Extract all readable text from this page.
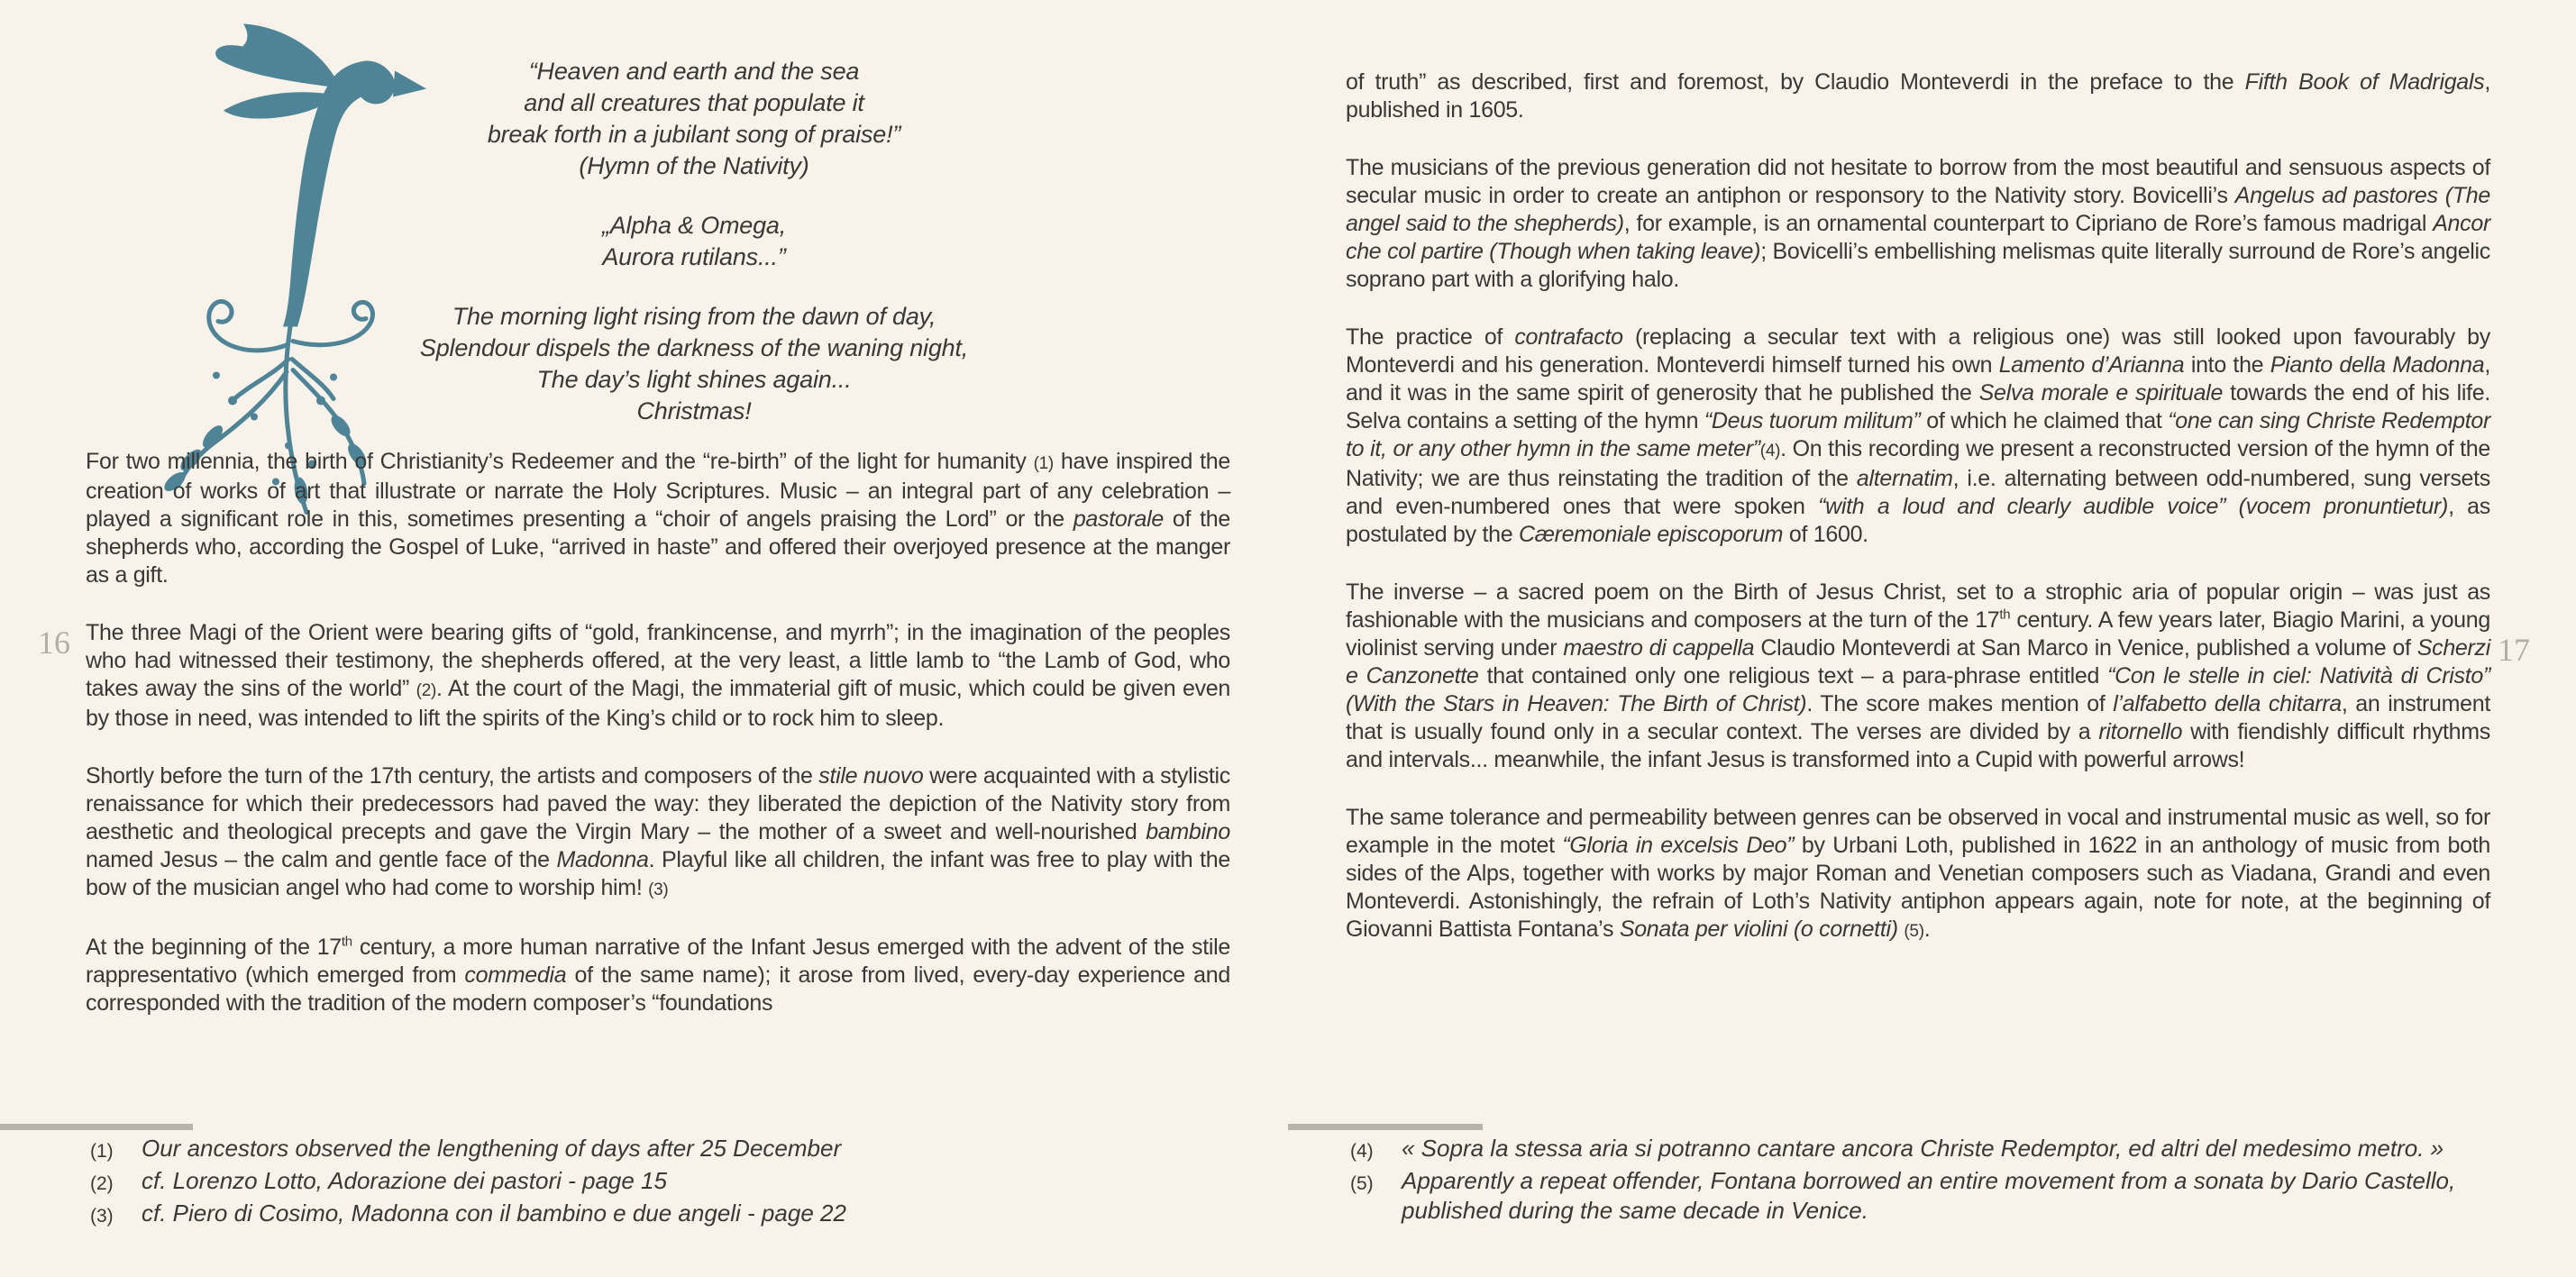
“Heaven and earth and the sea
and all creatures that populate it
break forth in a jubilant song of praise!”
(Hymn of the Nativity)
„Alpha & Omega,
Aurora rutilans...”
The morning light rising from the dawn of day,
Splendour dispels the darkness of the waning night,
The day’s light shines again...
Christmas!

For two millennia, the birth of Christianity’s Redeemer and the “re-birth” of the light for humanity (1) have inspired the creation of works of art that illustrate or narrate the Holy Scriptures. Music – an integral part of any celebration – played a significant role in this, sometimes presenting a “choir of angels praising the Lord” or the pastorale of the shepherds who, according the Gospel of Luke, “arrived in haste” and offered their overjoyed presence at the manger as a gift.

The three Magi of the Orient were bearing gifts of “gold, frankincense, and myrrh”; in the imagination of the peoples who had witnessed their testimony, the shepherds offered, at the very least, a little lamb to “the Lamb of God, who takes away the sins of the world” (2). At the court of the Magi, the immaterial gift of music, which could be given even by those in need, was intended to lift the spirits of the King’s child or to rock him to sleep.

Shortly before the turn of the 17th century, the artists and composers of the stile nuovo were acquainted with a stylistic renaissance for which their predecessors had paved the way: they liberated the depiction of the Nativity story from aesthetic and theological precepts and gave the Virgin Mary – the mother of a sweet and well-nourished bambino named Jesus – the calm and gentle face of the Madonna. Playful like all children, the infant was free to play with the bow of the musician angel who had come to worship him! (3)

At the beginning of the 17th century, a more human narrative of the Infant Jesus emerged with the advent of the stile rappresentativo (which emerged from commedia of the same name); it arose from lived, every-day experience and corresponded with the tradition of the modern composer’s “foundations

of truth” as described, first and foremost, by Claudio Monteverdi in the preface to the Fifth Book of Madrigals, published in 1605.

The musicians of the previous generation did not hesitate to borrow from the most beautiful and sensuous aspects of secular music in order to create an antiphon or responsory to the Nativity story. Bovicelli’s Angelus ad pastores (The angel said to the shepherds), for example, is an ornamental counterpart to Cipriano de Rore’s famous madrigal Ancor che col partire (Though when taking leave); Bovicelli’s embellishing melismas quite literally surround de Rore’s angelic soprano part with a glorifying halo.

The practice of contrafacto (replacing a secular text with a religious one) was still looked upon favourably by Monteverdi and his generation. Monteverdi himself turned his own Lamento d’Arianna into the Pianto della Madonna, and it was in the same spirit of generosity that he published the Selva morale e spirituale towards the end of his life. Selva contains a setting of the hymn “Deus tuorum militum” of which he claimed that “one can sing Christe Redemptor to it, or any other hymn in the same meter”(4). On this recording we present a reconstructed version of the hymn of the Nativity; we are thus reinstating the tradition of the alternatim, i.e. alternating between odd-numbered, sung versets and even-numbered ones that were spoken “with a loud and clearly audible voice” (vocem pronuntietur), as postulated by the Cæremoniale episcoporum of 1600.

The inverse – a sacred poem on the Birth of Jesus Christ, set to a strophic aria of popular origin – was just as fashionable with the musicians and composers at the turn of the 17th century. A few years later, Biagio Marini, a young violinist serving under maestro di cappella Claudio Monteverdi at San Marco in Venice, published a volume of Scherzi e Canzonette that contained only one religious text – a para-phrase entitled “Con le stelle in ciel: Natività di Cristo” (With the Stars in Heaven: The Birth of Christ). The score makes mention of l’alfabetto della chitarra, an instrument that is usually found only in a secular context. The verses are divided by a ritornello with fiendishly difficult rhythms and intervals... meanwhile, the infant Jesus is transformed into a Cupid with powerful arrows!

The same tolerance and permeability between genres can be observed in vocal and instrumental music as well, so for example in the motet “Gloria in excelsis Deo” by Urbani Loth, published in 1622 in an anthology of music from both sides of the Alps, together with works by major Roman and Venetian composers such as Viadana, Grandi and even Monteverdi. Astonishingly, the refrain of Loth’s Nativity antiphon appears again, note for note, at the beginning of Giovanni Battista Fontana’s Sonata per violini (o cornetti) (5).

16	17
(1)	Our ancestors observed the lengthening of days after 25 December
(2)	cf. Lorenzo Lotto, Adorazione dei pastori - page 15
(3)	cf. Piero di Cosimo, Madonna con il bambino e due angeli - page 22
(4)	« Sopra la stessa aria si potranno cantare ancora Christe Redemptor, ed altri del medesimo metro. »
(5)	Apparently a repeat offender, Fontana borrowed an entire movement from a sonata by Dario Castello, published during the same decade in Venice.
